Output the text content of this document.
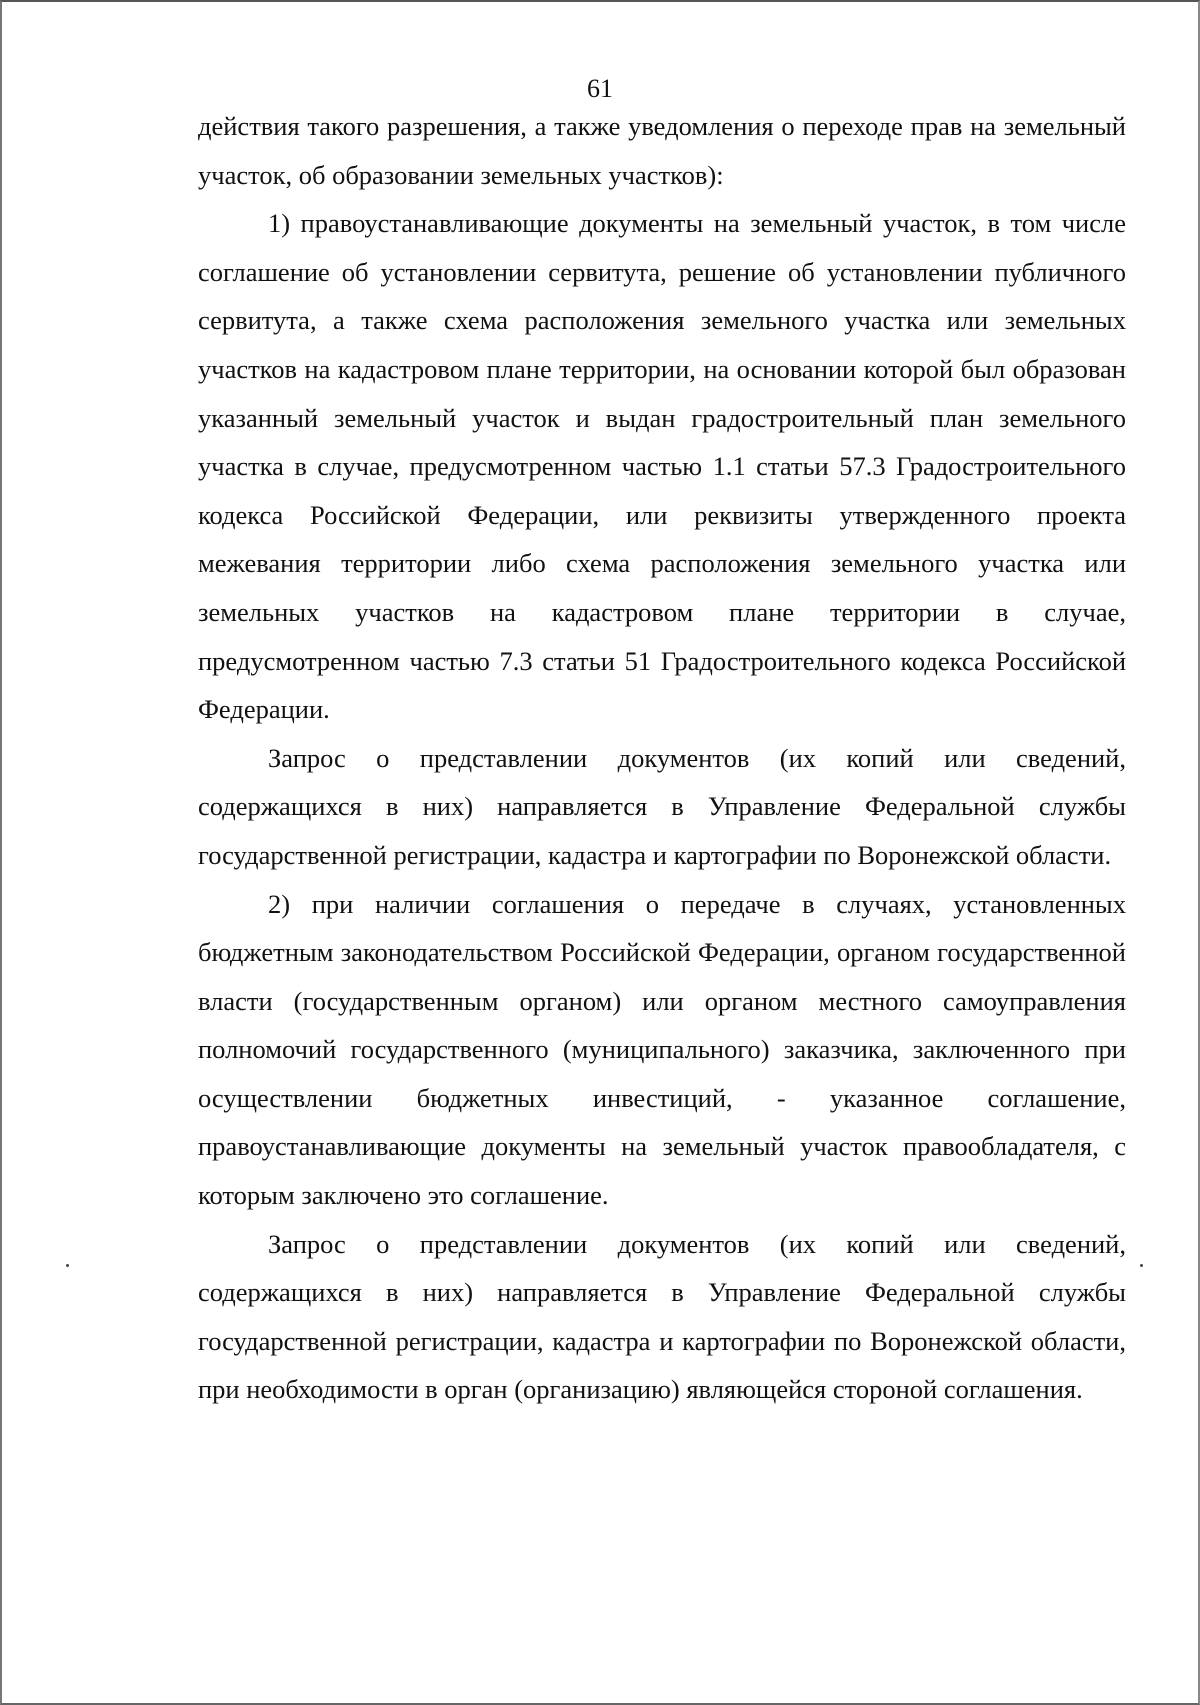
61

действия такого разрешения, а также уведомления о переходе прав на земельный участок, об образовании земельных участков):

1) правоустанавливающие документы на земельный участок, в том числе соглашение об установлении сервитута, решение об установлении публичного сервитута, а также схема расположения земельного участка или земельных участков на кадастровом плане территории, на основании которой был образован указанный земельный участок и выдан градостроительный план земельного участка в случае, предусмотренном частью 1.1 статьи 57.3 Градостроительного кодекса Российской Федерации, или реквизиты утвержденного проекта межевания территории либо схема расположения земельного участка или земельных участков на кадастровом плане территории в случае, предусмотренном частью 7.3 статьи 51 Градостроительного кодекса Российской Федерации.

Запрос о представлении документов (их копий или сведений, содержащихся в них) направляется в Управление Федеральной службы государственной регистрации, кадастра и картографии по Воронежской области.

2) при наличии соглашения о передаче в случаях, установленных бюджетным законодательством Российской Федерации, органом государственной власти (государственным органом) или органом местного самоуправления полномочий государственного (муниципального) заказчика, заключенного при осуществлении бюджетных инвестиций, - указанное соглашение, правоустанавливающие документы на земельный участок правообладателя, с которым заключено это соглашение.

Запрос о представлении документов (их копий или сведений, содержащихся в них) направляется в Управление Федеральной службы государственной регистрации, кадастра и картографии по Воронежской области, при необходимости в орган (организацию) являющейся стороной соглашения.
